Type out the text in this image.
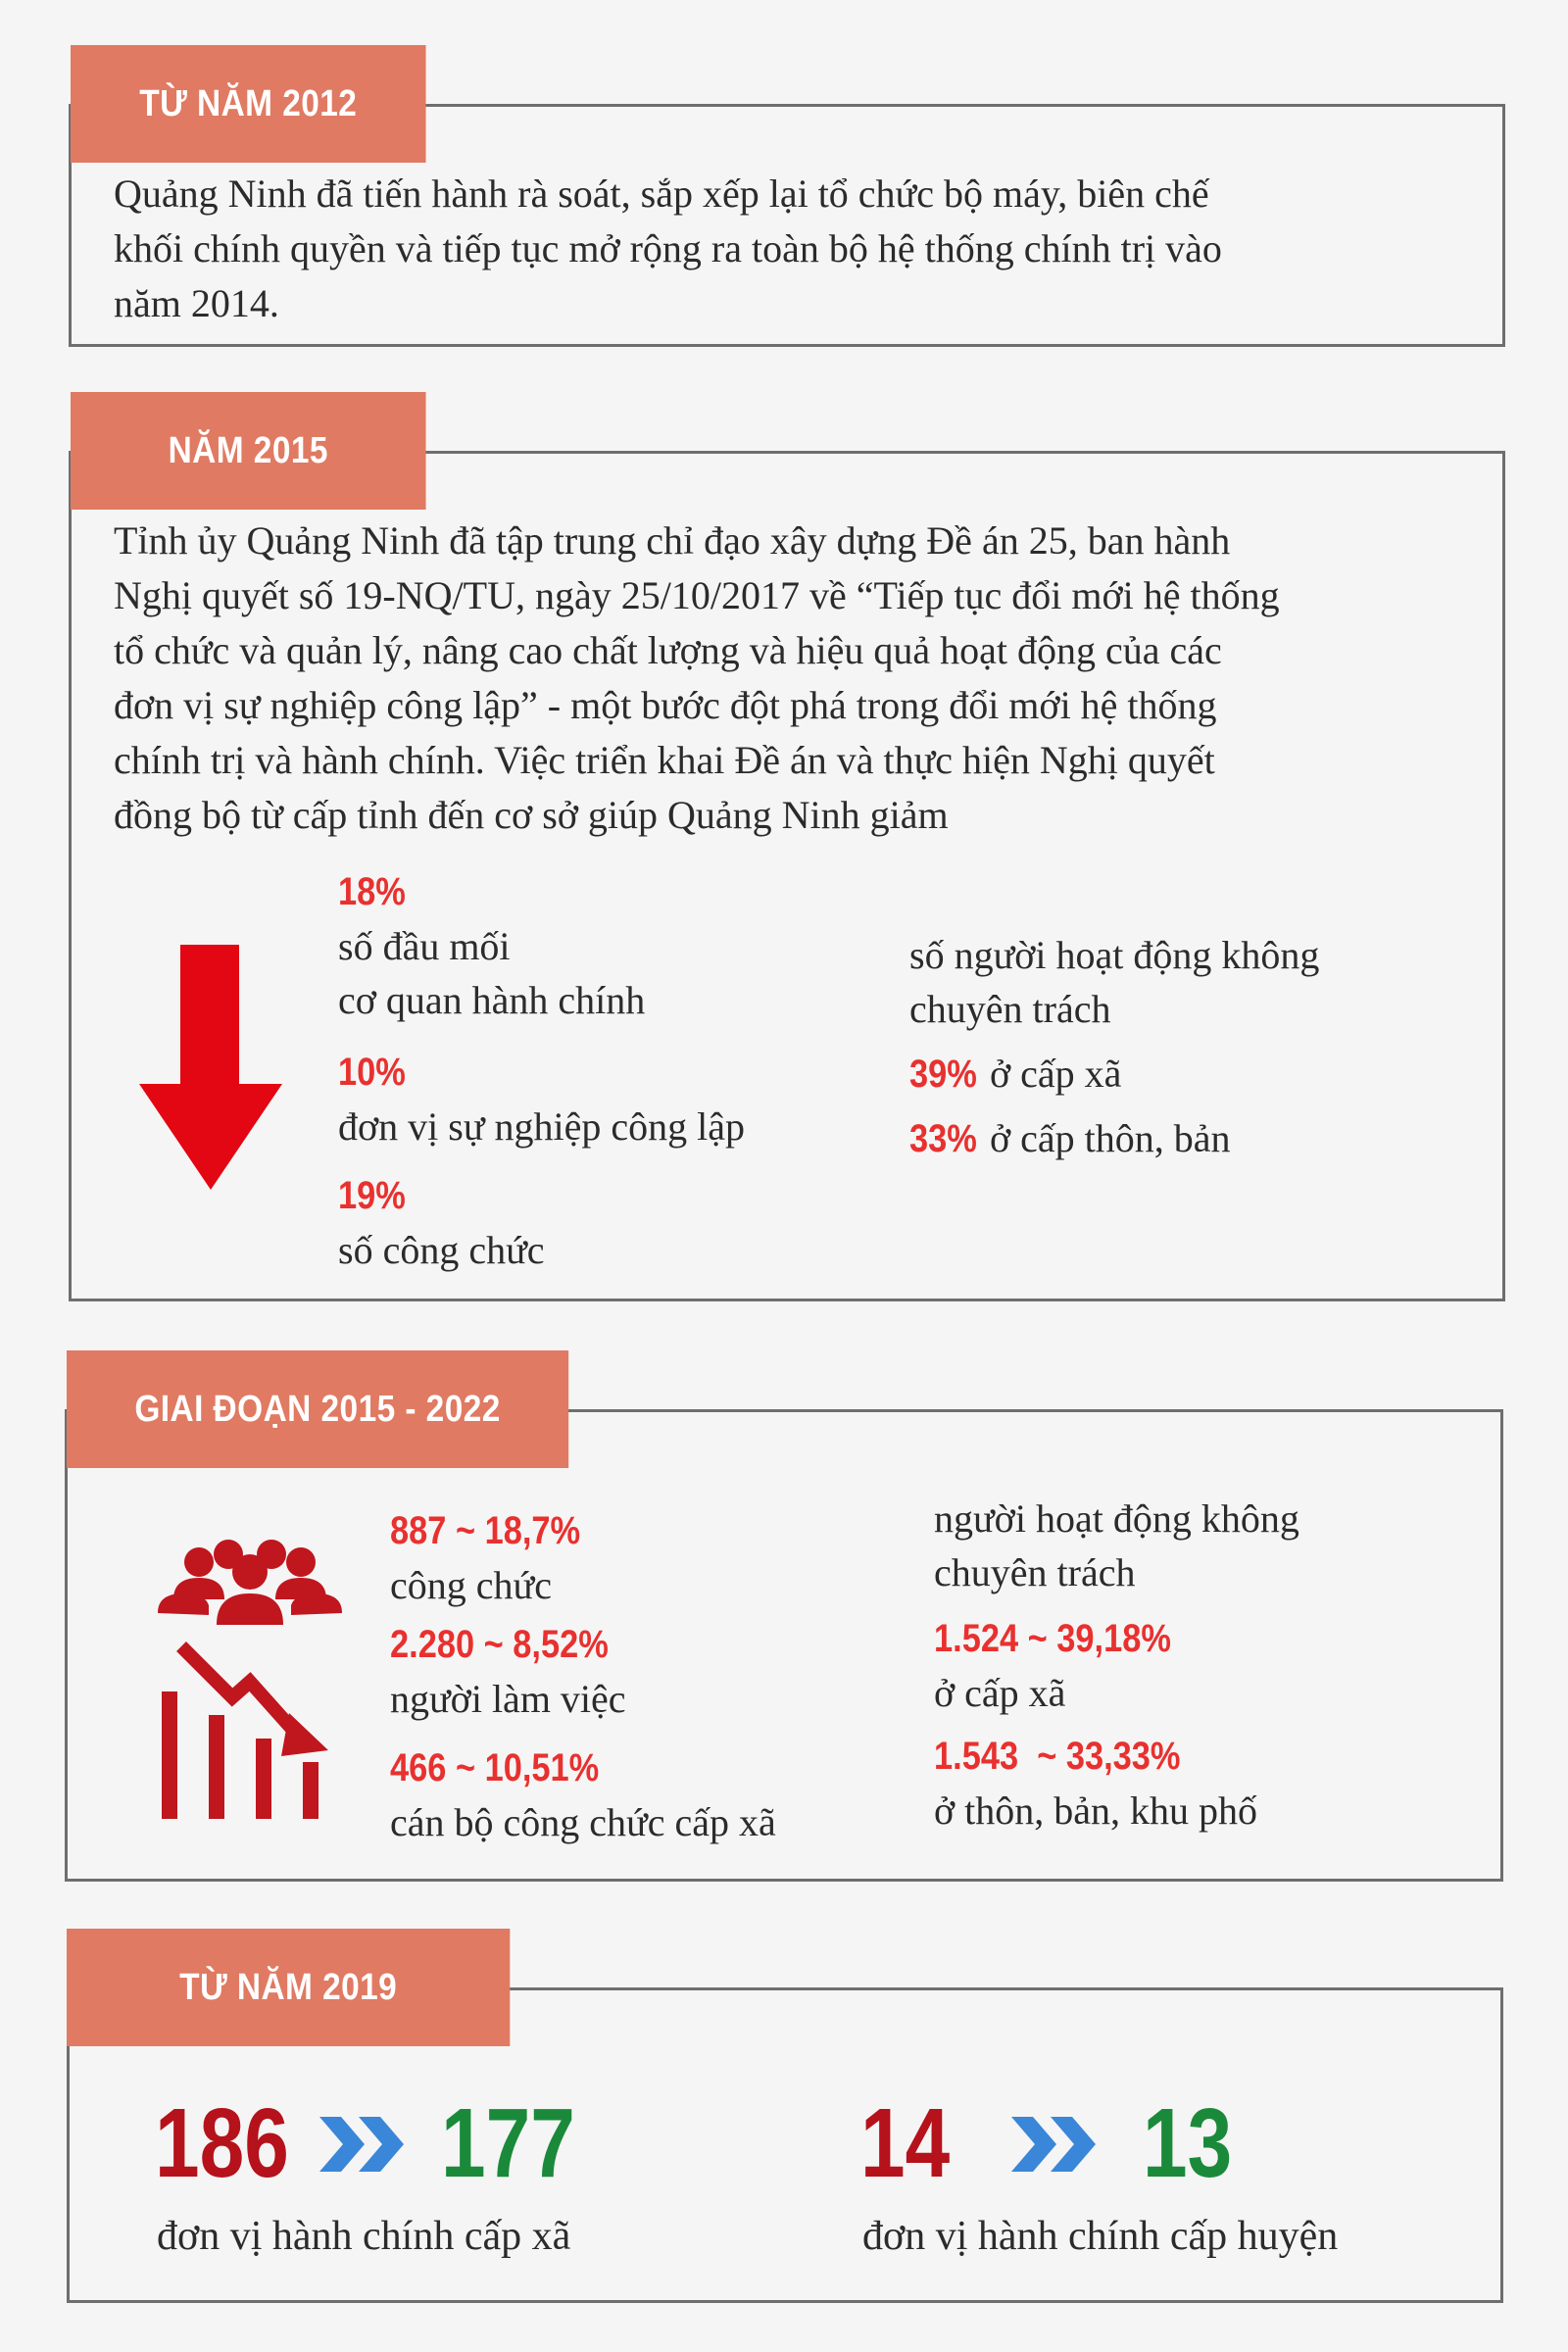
TỪ NĂM 2012
Quảng Ninh đã tiến hành rà soát, sắp xếp lại tổ chức bộ máy, biên chế
khối chính quyền và tiếp tục mở rộng ra toàn bộ hệ thống chính trị vào
năm 2014.
NĂM 2015
Tỉnh ủy Quảng Ninh đã tập trung chỉ đạo xây dựng Đề án 25, ban hành
Nghị quyết số 19-NQ/TU, ngày 25/10/2017 về “Tiếp tục đổi mới hệ thống
tổ chức và quản lý, nâng cao chất lượng và hiệu quả hoạt động của các
đơn vị sự nghiệp công lập” - một bước đột phá trong đổi mới hệ thống
chính trị và hành chính. Việc triển khai Đề án và thực hiện Nghị quyết
đồng bộ từ cấp tỉnh đến cơ sở giúp Quảng Ninh giảm
18%
số đầu mối
cơ quan hành chính
10%
đơn vị sự nghiệp công lập
19%
số công chức
số người hoạt động không
chuyên trách
39% ở cấp xã
33% ở cấp thôn, bản
GIAI ĐOẠN 2015 - 2022
887 ~ 18,7%
công chức
2.280 ~ 8,52%
người làm việc
466 ~ 10,51%
cán bộ công chức cấp xã
người hoạt động không
chuyên trách
1.524 ~ 39,18%
ở cấp xã
1.543  ~ 33,33%
ở thôn, bản, khu phố
TỪ NĂM 2019
186 177
đơn vị hành chính cấp xã
14 13
đơn vị hành chính cấp huyện
